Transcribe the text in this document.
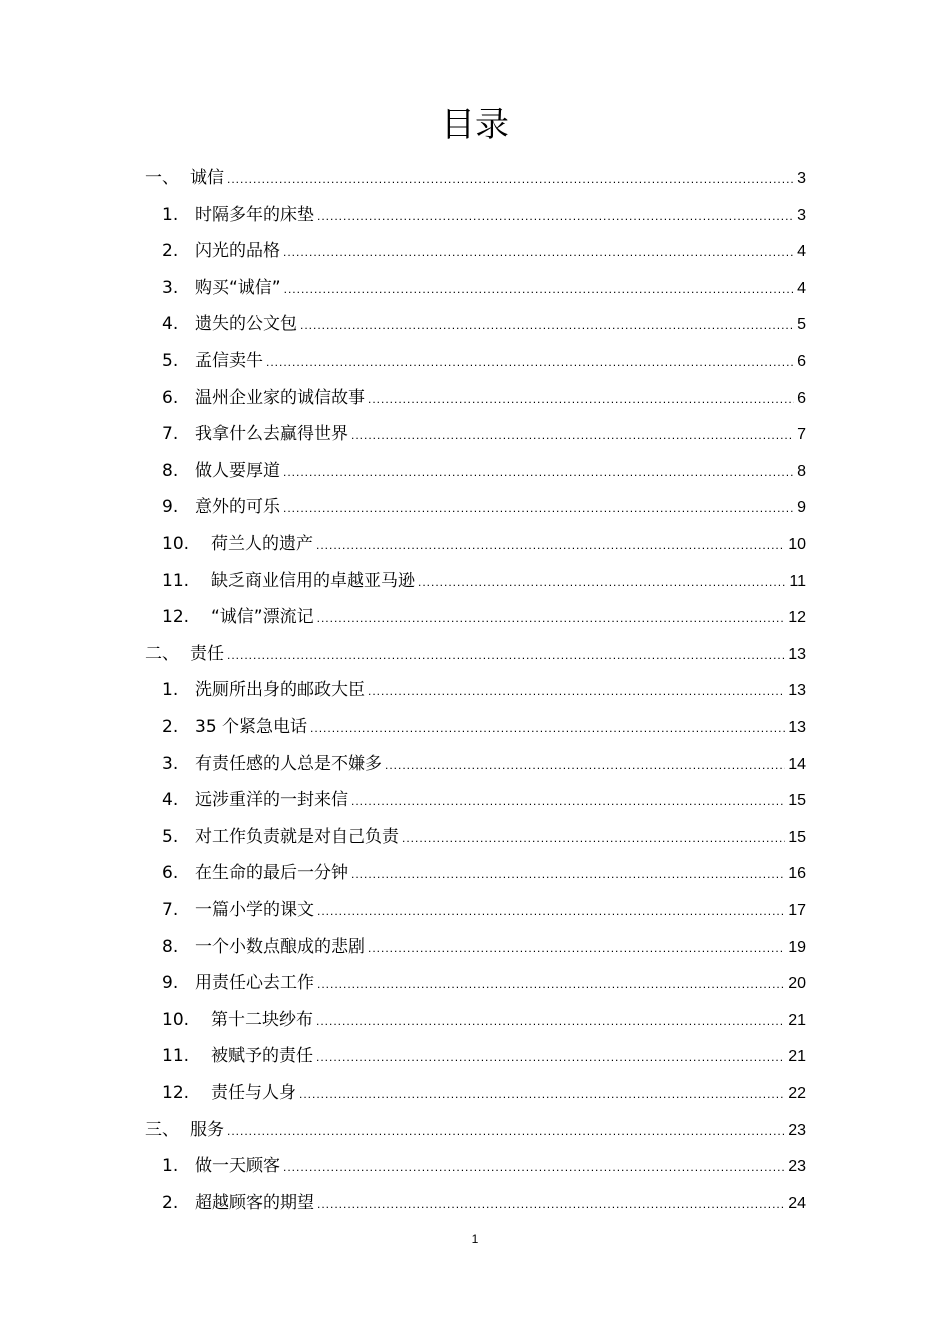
目录
一、 诚信 .....	3
1. 时隔多年的床垫 .....	3
2. 闪光的品格 .....	4
3. 购买“诚信” .....	4
4. 遗失的公文包 .....	5
5. 孟信卖牛 .....	6
6. 温州企业家的诚信故事 .....	6
7. 我拿什么去赢得世界 .....	7
8. 做人要厚道 .....	8
9. 意外的可乐 .....	9
10. 荷兰人的遗产 .....	10
11. 缺乏商业信用的卓越亚马逊 .....	11
12. “诚信”漂流记 .....	12
二、 责任 .....	13
1. 洗厕所出身的邮政大臣 .....	13
2. 35 个紧急电话 .....	13
3. 有责任感的人总是不嫌多 .....	14
4. 远涉重洋的一封来信 .....	15
5. 对工作负责就是对自己负责 .....	15
6. 在生命的最后一分钟 .....	16
7. 一篇小学的课文 .....	17
8. 一个小数点酿成的悲剧 .....	19
9. 用责任心去工作 .....	20
10. 第十二块纱布 .....	21
11. 被赋予的责任 .....	21
12. 责任与人身 .....	22
三、 服务 .....	23
1. 做一天顾客 .....	23
2. 超越顾客的期望 .....	24
1
